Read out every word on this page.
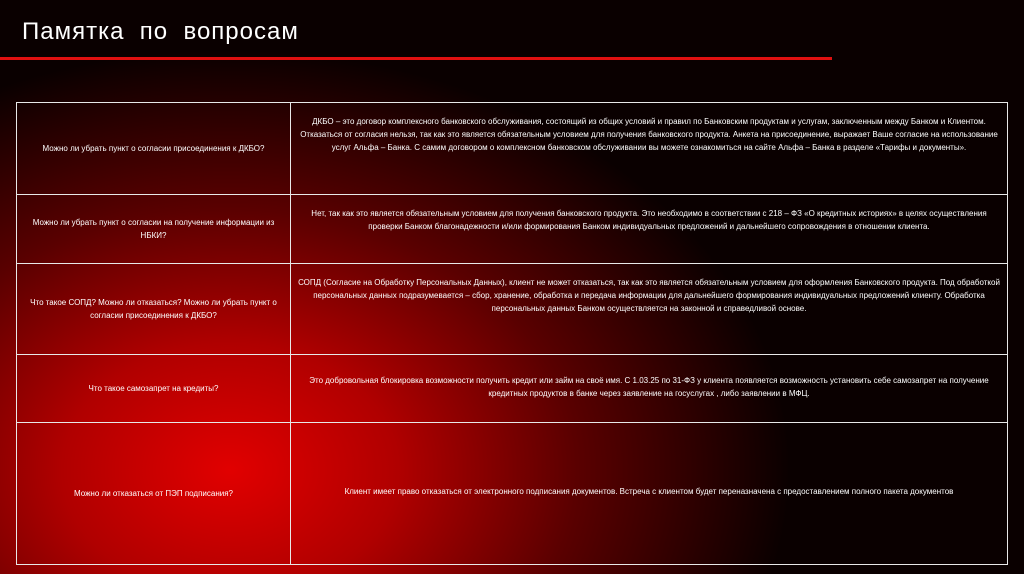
Памятка  по  вопросам
Можно ли убрать пункт о согласии присоединения к ДКБО?	ДКБО – это договор комплексного банковского обслуживания, состоящий из общих условий и правил по Банковским продуктам и услугам, заключенным между Банком и Клиентом. Отказаться от согласия нельзя, так как это является обязательным условием для получения банковского продукта. Анкета на присоединение, выражает Ваше согласие на использование услуг Альфа – Банка. С самим договором о комплексном банковском обслуживании вы можете ознакомиться на сайте Альфа – Банка в разделе «Тарифы и документы».
Можно ли убрать пункт о согласии на получение информации из НБКИ?	Нет, так как это является обязательным условием для получения банковского продукта. Это необходимо в соответствии с 218 – ФЗ «О кредитных историях» в целях осуществления проверки Банком благонадежности и/или формирования Банком индивидуальных предложений и дальнейшего сопровождения в отношении клиента.
Что такое СОПД? Можно ли отказаться? Можно ли убрать пункт о согласии присоединения к ДКБО?	СОПД (Согласие на Обработку Персональных Данных), клиент не может отказаться, так как это является обязательным условием для оформления Банковского продукта. Под обработкой персональных данных подразумевается – сбор, хранение, обработка и передача информации для дальнейшего формирования индивидуальных предложений клиенту. Обработка персональных данных Банком осуществляется на законной и справедливой основе.
Что такое самозапрет на кредиты?	Это добровольная блокировка возможности получить кредит или займ на своё имя. С 1.03.25 по 31-ФЗ у клиента появляется возможность установить себе самозапрет на получение кредитных продуктов в банке через заявление на госуслугах , либо заявлении в МФЦ.
Можно ли отказаться от ПЭП подписания?	Клиент имеет право отказаться от электронного подписания документов. Встреча с клиентом будет переназначена с предоставлением полного пакета документов
